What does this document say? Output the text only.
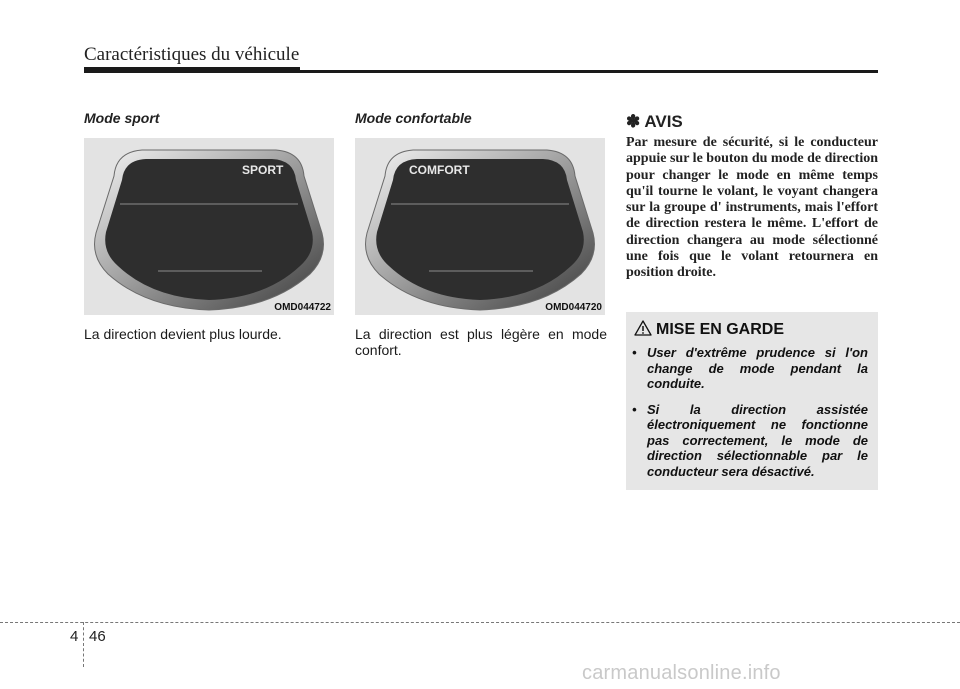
Caractéristiques du véhicule
Mode sport
SPORT
OMD044722
La direction devient plus lourde.
Mode confortable
COMFORT
OMD044720
La direction est plus légère en mode confort.
✽ AVIS
Par mesure de sécurité, si le conducteur appuie sur le bouton du mode de direction pour changer le mode en même temps qu'il tourne le volant, le voyant changera sur la groupe d' instruments, mais l'effort de direction restera le même. L'effort de direction changera au mode sélectionné une fois que le volant retournera en position droite.
MISE EN GARDE
• User d'extrême prudence si l'on change de mode pendant la conduite.
• Si la direction assistée électroniquement ne fonctionne pas correctement, le mode de direction sélectionnable par le conducteur sera désactivé.
4 46
carmanualsonline.info
